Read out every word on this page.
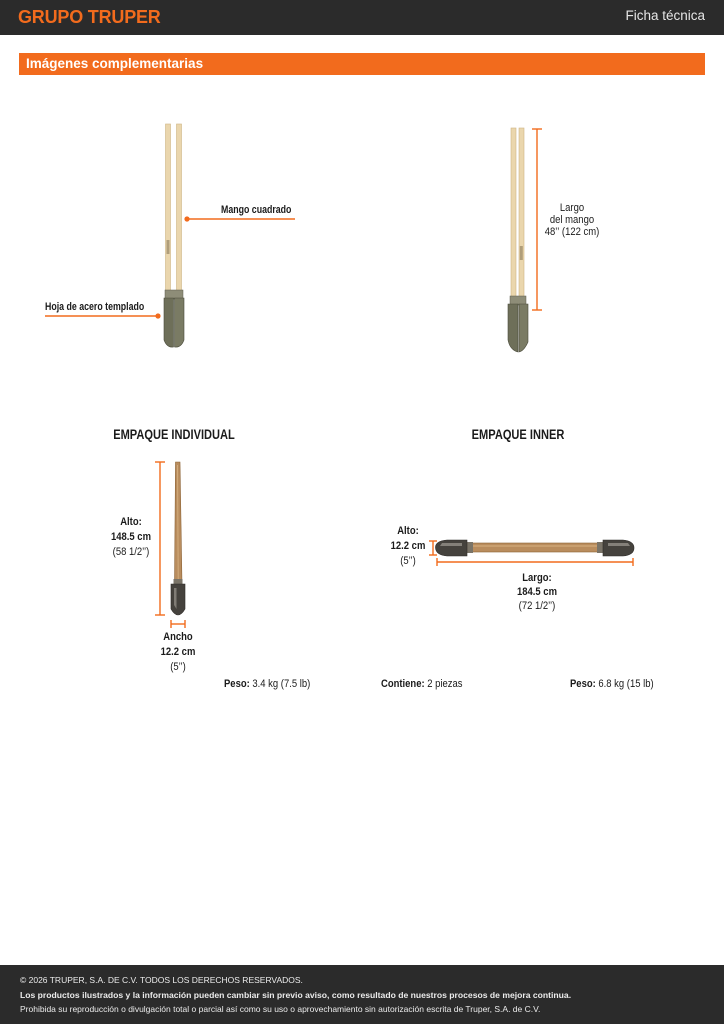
GRUPO TRUPER	Ficha técnica
Imágenes complementarias
Mango cuadrado
Hoja de acero templado
Largo
del mango
48’’ (122 cm)
EMPAQUE INDIVIDUAL	EMPAQUE INNER
Alto:
148.5 cm
(58 1/2’’)
Ancho
12.2 cm
(5’’)
Peso: 3.4 kg (7.5 lb)
Alto:
12.2 cm
(5’’)
Largo:
184.5 cm
(72 1/2’’)
Contiene: 2 piezas	Peso: 6.8 kg (15 lb)
© 2026 TRUPER, S.A. DE C.V. TODOS LOS DERECHOS RESERVADOS.
Los productos ilustrados y la información pueden cambiar sin previo aviso, como resultado de nuestros procesos de mejora continua.
Prohibida su reproducción o divulgación total o parcial así como su uso o aprovechamiento sin autorización escrita de Truper, S.A. de C.V.
